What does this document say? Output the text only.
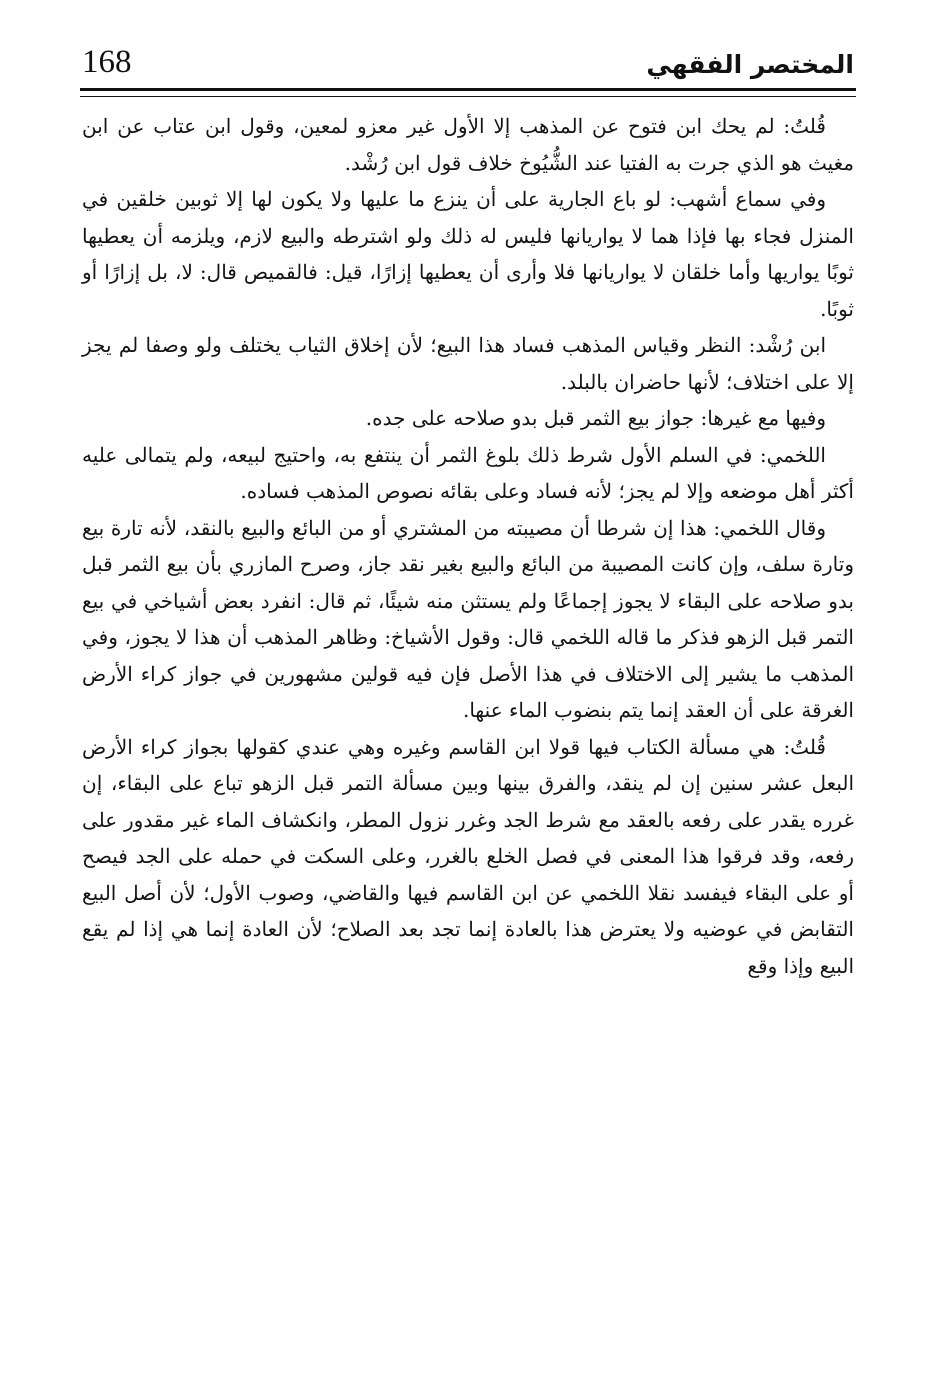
168	المختصر الفقهي

قُلتُ: لم يحك ابن فتوح عن المذهب إلا الأول غير معزو لمعين، وقول ابن عتاب عن ابن مغيث هو الذي جرت به الفتيا عند الشُّيُوخ خلاف قول ابن رُشْد.

وفي سماع أشهب: لو باع الجارية على أن ينزع ما عليها ولا يكون لها إلا ثوبين خلقين في المنزل فجاء بها فإذا هما لا يواريانها فليس له ذلك ولو اشترطه والبيع لازم، ويلزمه أن يعطيها ثوبًا يواريها وأما خلقان لا يواريانها فلا وأرى أن يعطيها إزارًا، قيل: فالقميص قال: لا، بل إزارًا أو ثوبًا.

ابن رُشْد: النظر وقياس المذهب فساد هذا البيع؛ لأن إخلاق الثياب يختلف ولو وصفا لم يجز إلا على اختلاف؛ لأنها حاضران بالبلد.

وفيها مع غيرها: جواز بيع الثمر قبل بدو صلاحه على جده.

اللخمي: في السلم الأول شرط ذلك بلوغ الثمر أن ينتفع به، واحتيج لبيعه، ولم يتمالى عليه أكثر أهل موضعه وإلا لم يجز؛ لأنه فساد وعلى بقائه نصوص المذهب فساده.

وقال اللخمي: هذا إن شرطا أن مصيبته من المشتري أو من البائع والبيع بالنقد، لأنه تارة بيع وتارة سلف، وإن كانت المصيبة من البائع والبيع بغير نقد جاز، وصرح المازري بأن بيع الثمر قبل بدو صلاحه على البقاء لا يجوز إجماعًا ولم يستثن منه شيئًا، ثم قال: انفرد بعض أشياخي في بيع التمر قبل الزهو فذكر ما قاله اللخمي قال: وقول الأشياخ: وظاهر المذهب أن هذا لا يجوز، وفي المذهب ما يشير إلى الاختلاف في هذا الأصل فإن فيه قولين مشهورين في جواز كراء الأرض الغرقة على أن العقد إنما يتم بنضوب الماء عنها.

قُلتُ: هي مسألة الكتاب فيها قولا ابن القاسم وغيره وهي عندي كقولها بجواز كراء الأرض البعل عشر سنين إن لم ينقد، والفرق بينها وبين مسألة التمر قبل الزهو تباع على البقاء، إن غرره يقدر على رفعه بالعقد مع شرط الجد وغرر نزول المطر، وانكشاف الماء غير مقدور على رفعه، وقد فرقوا هذا المعنى في فصل الخلع بالغرر، وعلى السكت في حمله على الجد فيصح أو على البقاء فيفسد نقلا اللخمي عن ابن القاسم فيها والقاضي، وصوب الأول؛ لأن أصل البيع التقابض في عوضيه ولا يعترض هذا بالعادة إنما تجد بعد الصلاح؛ لأن العادة إنما هي إذا لم يقع البيع وإذا وقع
